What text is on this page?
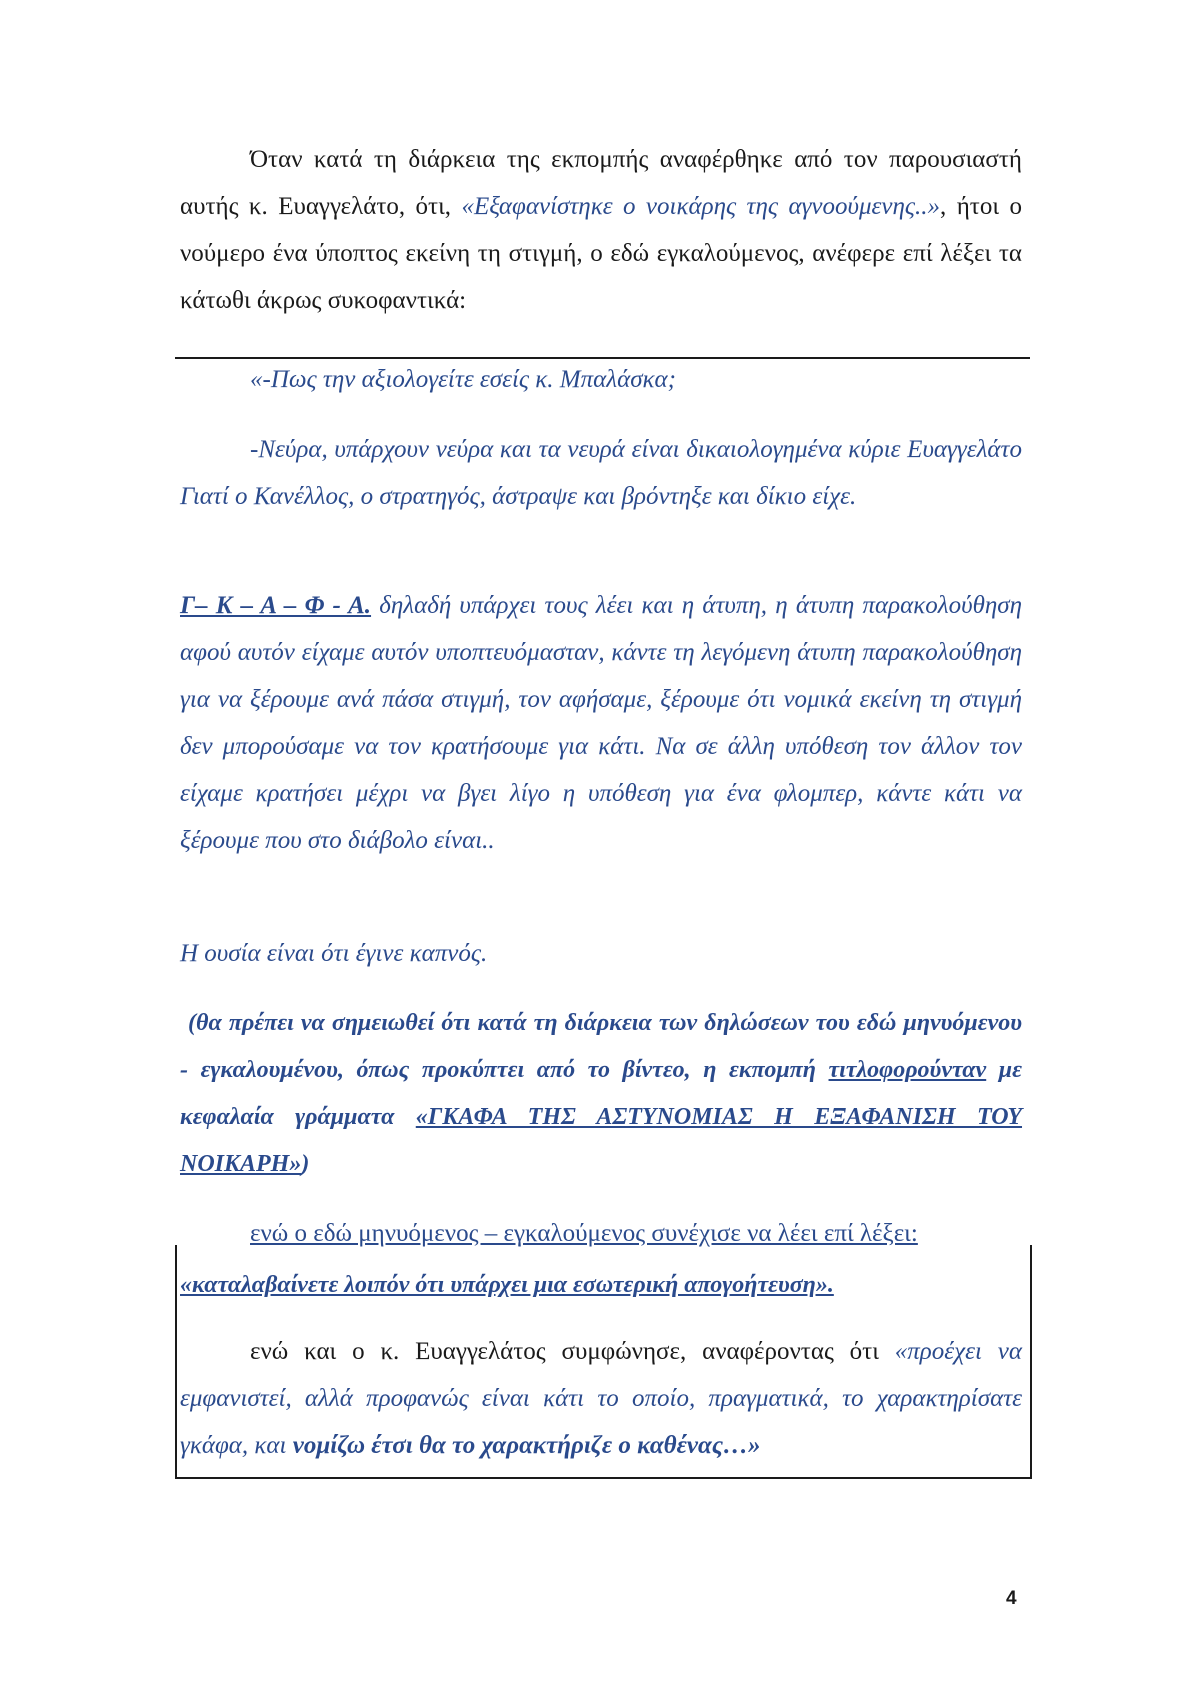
Όταν κατά τη διάρκεια της εκπομπής αναφέρθηκε από τον παρουσιαστή αυτής κ. Ευαγγελάτο, ότι, «Εξαφανίστηκε ο νοικάρης της αγνοούμενης..», ήτοι ο νούμερο ένα ύποπτος εκείνη τη στιγμή, ο εδώ εγκαλούμενος, ανέφερε επί λέξει τα κάτωθι άκρως συκοφαντικά:

«-Πως την αξιολογείτε εσείς κ. Μπαλάσκα;

-Νεύρα, υπάρχουν νεύρα και τα νευρά είναι δικαιολογημένα κύριε Ευαγγελάτο Γιατί ο Κανέλλος, ο στρατηγός, άστραψε και βρόντηξε και δίκιο είχε.

Γ– Κ – Α – Φ - Α. δηλαδή υπάρχει τους λέει και η άτυπη, η άτυπη παρακολούθηση αφού αυτόν είχαμε αυτόν υποπτευόμασταν, κάντε τη λεγόμενη άτυπη παρακολούθηση για να ξέρουμε ανά πάσα στιγμή, τον αφήσαμε, ξέρουμε ότι νομικά εκείνη τη στιγμή δεν μπορούσαμε να τον κρατήσουμε για κάτι. Να σε άλλη υπόθεση τον άλλον τον είχαμε κρατήσει μέχρι να βγει λίγο η υπόθεση για ένα φλομπερ, κάντε κάτι να ξέρουμε που στο διάβολο είναι..

Η ουσία είναι ότι έγινε καπνός.

(θα πρέπει να σημειωθεί ότι κατά τη διάρκεια των δηλώσεων του εδώ μηνυόμενου - εγκαλουμένου, όπως προκύπτει από το βίντεο, η εκπομπή τιτλοφορούνταν με κεφαλαία γράμματα «ΓΚΑΦΑ ΤΗΣ ΑΣΤΥΝΟΜΙΑΣ Η ΕΞΑΦΑΝΙΣΗ ΤΟΥ ΝΟΙΚΑΡΗ»)

ενώ ο εδώ μηνυόμενος – εγκαλούμενος συνέχισε να λέει επί λέξει:

«καταλαβαίνετε λοιπόν ότι υπάρχει μια εσωτερική απογοήτευση».

ενώ και ο κ. Ευαγγελάτος συμφώνησε, αναφέροντας ότι «προέχει να εμφανιστεί, αλλά προφανώς είναι κάτι το οποίο, πραγματικά, το χαρακτηρίσατε γκάφα, και νομίζω έτσι θα το χαρακτήριζε ο καθένας…»

4
